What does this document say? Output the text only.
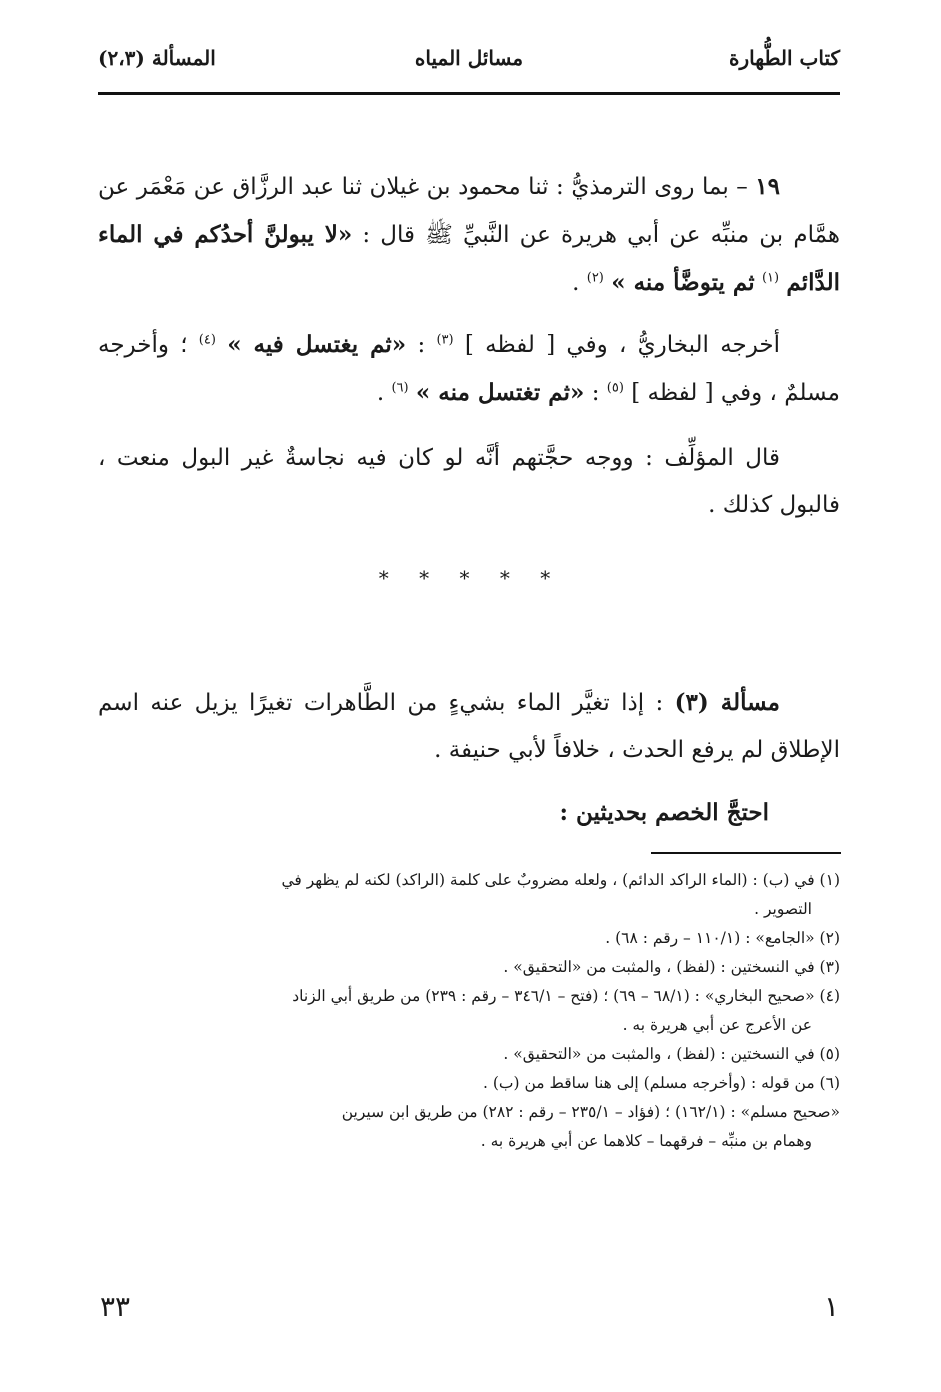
كتاب الطُّهارة
مسائل المياه
المسألة (٢،٣)

١٩ – بما روى الترمذيُّ : ثنا محمود بن غيلان ثنا عبد الرزَّاق عن مَعْمَر عن همَّام بن منبِّه عن أبي هريرة عن النَّبيِّ ﷺ قال : «لا يبولنَّ أحدُكم في الماء الدَّائم $^{(١)}$ ثم يتوضَّأ منه » $^{(٢)}$ .

أخرجه البخاريُّ ، وفي [ لفظه ] $^{(٣)}$ : «ثم يغتسل فيه » $^{(٤)}$ ؛ وأخرجه مسلمٌ ، وفي [ لفظه ] $^{(٥)}$ : «ثم تغتسل منه » $^{(٦)}$ .

قال المؤلِّف : ووجه حجَّتهم أنَّه لو كان فيه نجاسةٌ غير البول منعت ، فالبول كذلك .

* * * * *

مسألة (٣) : إذا تغيَّر الماء بشيءٍ من الطَّاهرات تغيرًا يزيل عنه اسم الإطلاق لم يرفع الحدث ، خلافاً لأبي حنيفة .

احتجَّ الخصم بحديثين :

(١) في (ب) : (الماء الراكد الدائم) ، ولعله مضروبٌ على كلمة (الراكد) لكنه لم يظهر في
التصوير .
(٢) «الجامع» : (١١٠/١ – رقم : ٦٨) .
(٣) في النسختين : (لفظ) ، والمثبت من «التحقيق» .
(٤) «صحيح البخاري» : (٦٨/١ – ٦٩) ؛ (فتح – ٣٤٦/١ – رقم : ٢٣٩) من طريق أبي الزناد
عن الأعرج عن أبي هريرة به .
(٥) في النسختين : (لفظ) ، والمثبت من «التحقيق» .
(٦) من قوله : (وأخرجه مسلم) إلى هنا ساقط من (ب) .
«صحيح مسلم» : (١٦٢/١) ؛ (فؤاد – ٢٣٥/١ – رقم : ٢٨٢) من طريق ابن سيرين
وهمام بن منبِّه – فرقهما – كلاهما عن أبي هريرة به .
١
٣٣
